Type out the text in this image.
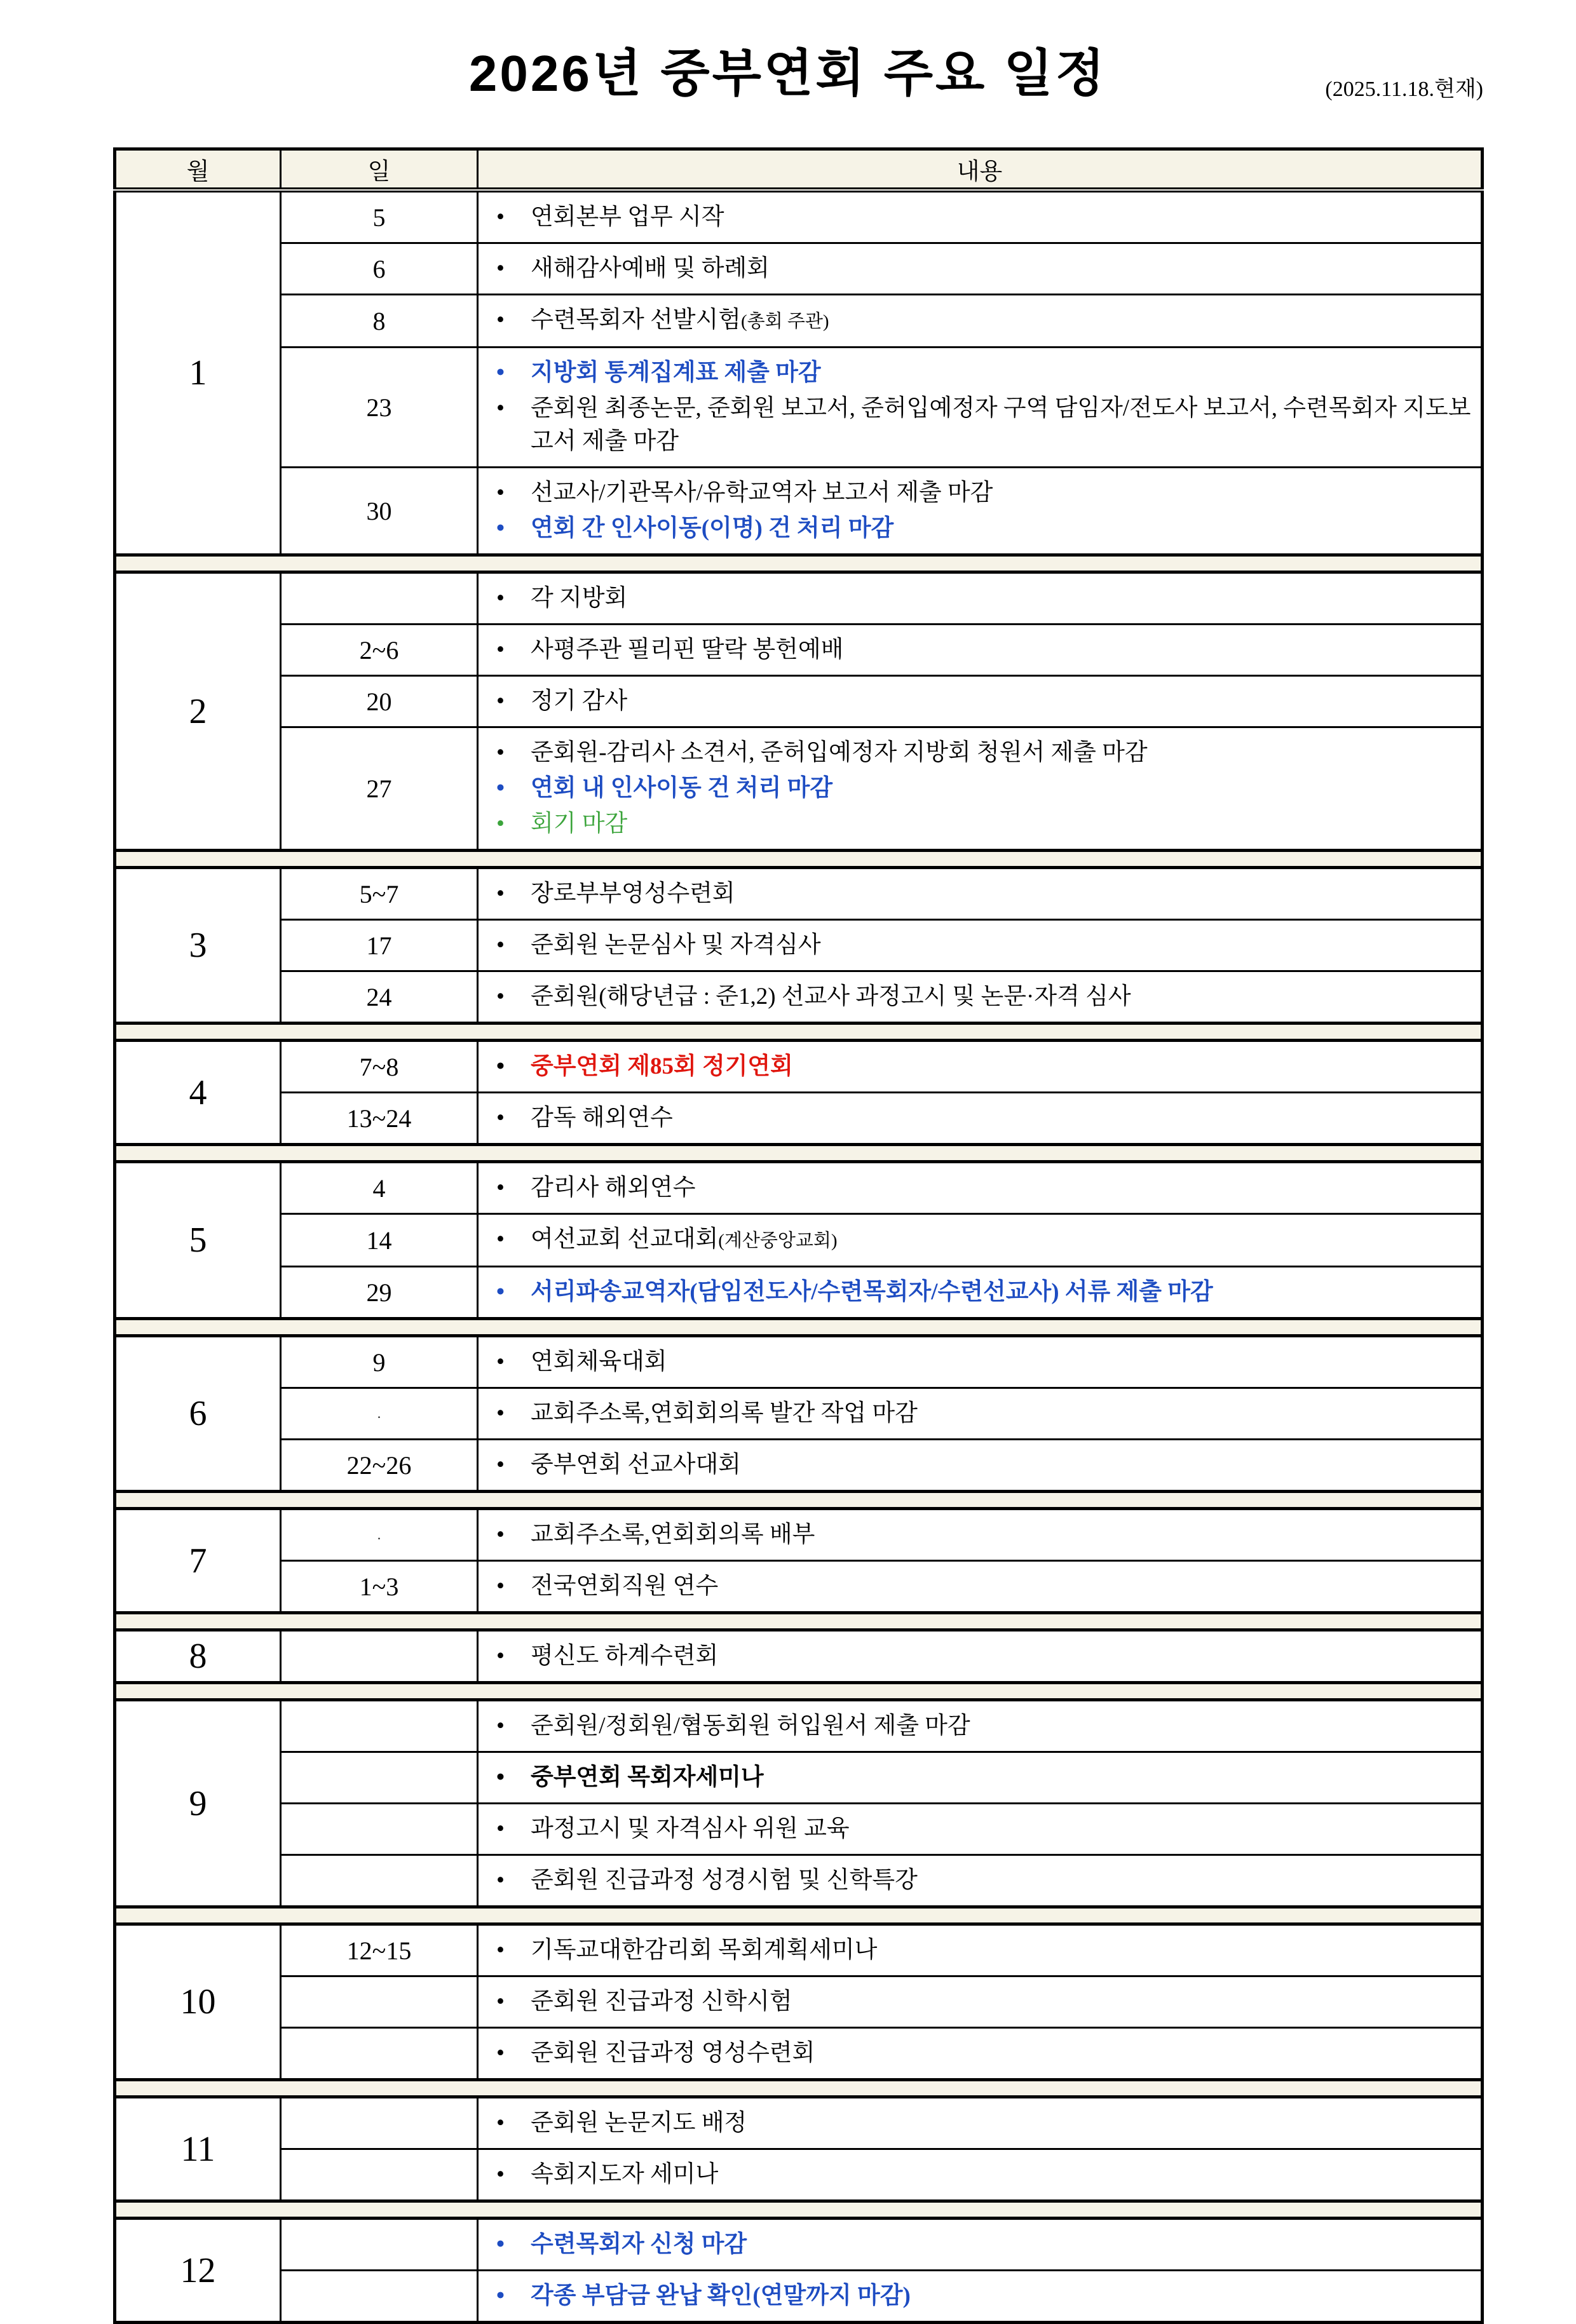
2026년 중부연회 주요 일정	(2025.11.18.현재)
월	일	내용
1	5	• 연회본부 업무 시작

	6	• 새해감사예배 및 하례회

	8	• 수련목회자 선발시험(총회 주관)

	23	• 지방회 통계집계표 제출 마감
• 준회원 최종논문, 준회원 보고서, 준허입예정자 구역 담임자/전도사 보고서, 수련목회자 지도보고서 제출 마감

	30	• 선교사/기관목사/유학교역자 보고서 제출 마감
• 연회 간 인사이동(이명) 건 처리 마감

2		• 각 지방회

	2~6	• 사평주관 필리핀 딸락 봉헌예배

	20	• 정기 감사

	27	• 준회원-감리사 소견서, 준허입예정자 지방회 청원서 제출 마감
• 연회 내 인사이동 건 처리 마감
• 회기 마감

3	5~7	• 장로부부영성수련회

	17	• 준회원 논문심사 및 자격심사

	24	• 준회원(해당년급 : 준1,2) 선교사 과정고시 및 논문·자격 심사

4	7~8	• 중부연회 제85회 정기연회

	13~24	• 감독 해외연수

5	4	• 감리사 해외연수

	14	• 여선교회 선교대회(계산중앙교회)

	29	• 서리파송교역자(담임전도사/수련목회자/수련선교사) 서류 제출 마감

6	9	• 연회체육대회

	.	• 교회주소록,연회회의록 발간 작업 마감

	22~26	• 중부연회 선교사대회

7	.	• 교회주소록,연회회의록 배부

	1~3	• 전국연회직원 연수

8		• 평신도 하계수련회

9		• 준회원/정회원/협동회원 허입원서 제출 마감

		• 중부연회 목회자세미나

		• 과정고시 및 자격심사 위원 교육

		• 준회원 진급과정 성경시험 및 신학특강

10	12~15	• 기독교대한감리회 목회계획세미나

		• 준회원 진급과정 신학시험

		• 준회원 진급과정 영성수련회

11		• 준회원 논문지도 배정

		• 속회지도자 세미나

12		• 수련목회자 신청 마감

		• 각종 부담금 완납 확인(연말까지 마감)
